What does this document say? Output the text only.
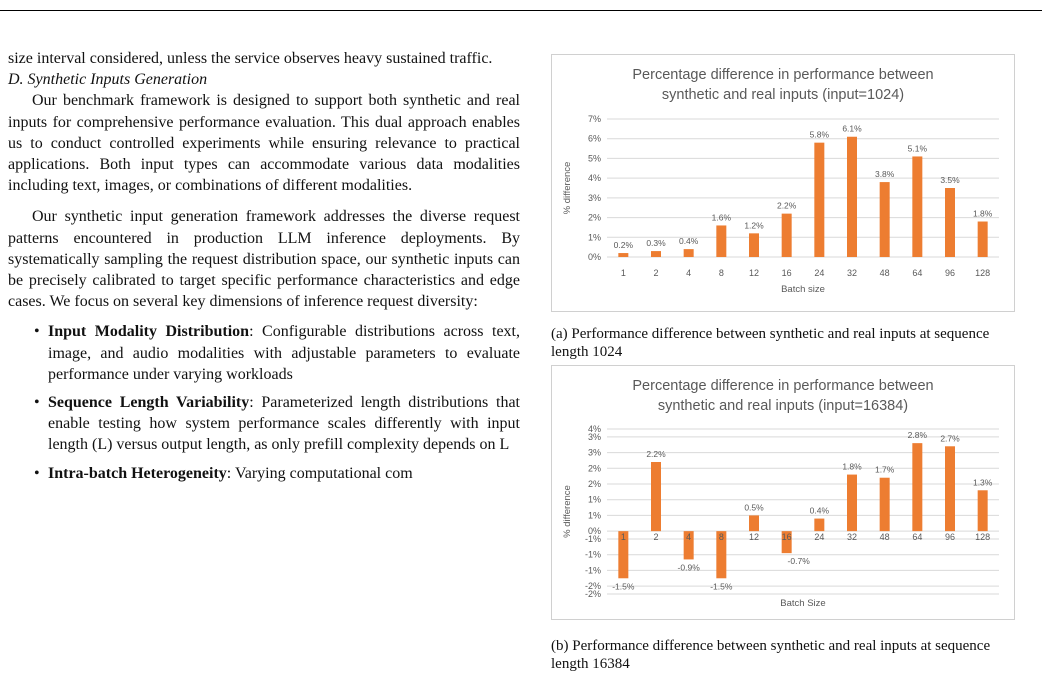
size interval considered, unless the service observes heavy sustained traffic.

D. Synthetic Inputs Generation

Our benchmark framework is designed to support both synthetic and real inputs for comprehensive performance evaluation. This dual approach enables us to conduct controlled experiments while ensuring relevance to practical applications. Both input types can accommodate various data modalities including text, images, or combinations of different modalities.

Our synthetic input generation framework addresses the diverse request patterns encountered in production LLM inference deployments. By systematically sampling the request distribution space, our synthetic inputs can be precisely calibrated to target specific performance characteristics and edge cases. We focus on several key dimensions of inference request diversity:

• Input Modality Distribution: Configurable distributions across text, image, and audio modalities with adjustable parameters to evaluate performance under varying workloads
• Sequence Length Variability: Parameterized length distributions that enable testing how system performance scales differently with input length (L) versus output length, as only prefill complexity depends on L
• Intra-batch Heterogeneity: Varying computational com
Percentage difference in performance between
synthetic and real inputs (input=1024)
0%
1%
2%
3%
4%
5%
6%
7%
% difference
0.2% 0.3% 0.4%
1.6%
1.2%
2.2%
5.8%
6.1%
3.8%
5.1%
3.5%
1.8%
1	2	4	8	12	16	24	32	48	64	96 128
Batch size
(a) Performance difference between synthetic and real inputs at sequence length 1024
Percentage difference in performance between
synthetic and real inputs (input=16384)
-2%
-2%
-1%
-1%
-1%
0%
1%
1%
2%
2%
3%
3%
4%
% difference
-1.5%
2.2%
-0.9%
-1.5%
0.5%	0.4%
1.8% 1.7%
2.8% 2.7%
1.3%
-0.7%
1	2	4	8	12	16	24	32	48	64	96 128
Batch Size
(b) Performance difference between synthetic and real inputs at sequence length 16384
